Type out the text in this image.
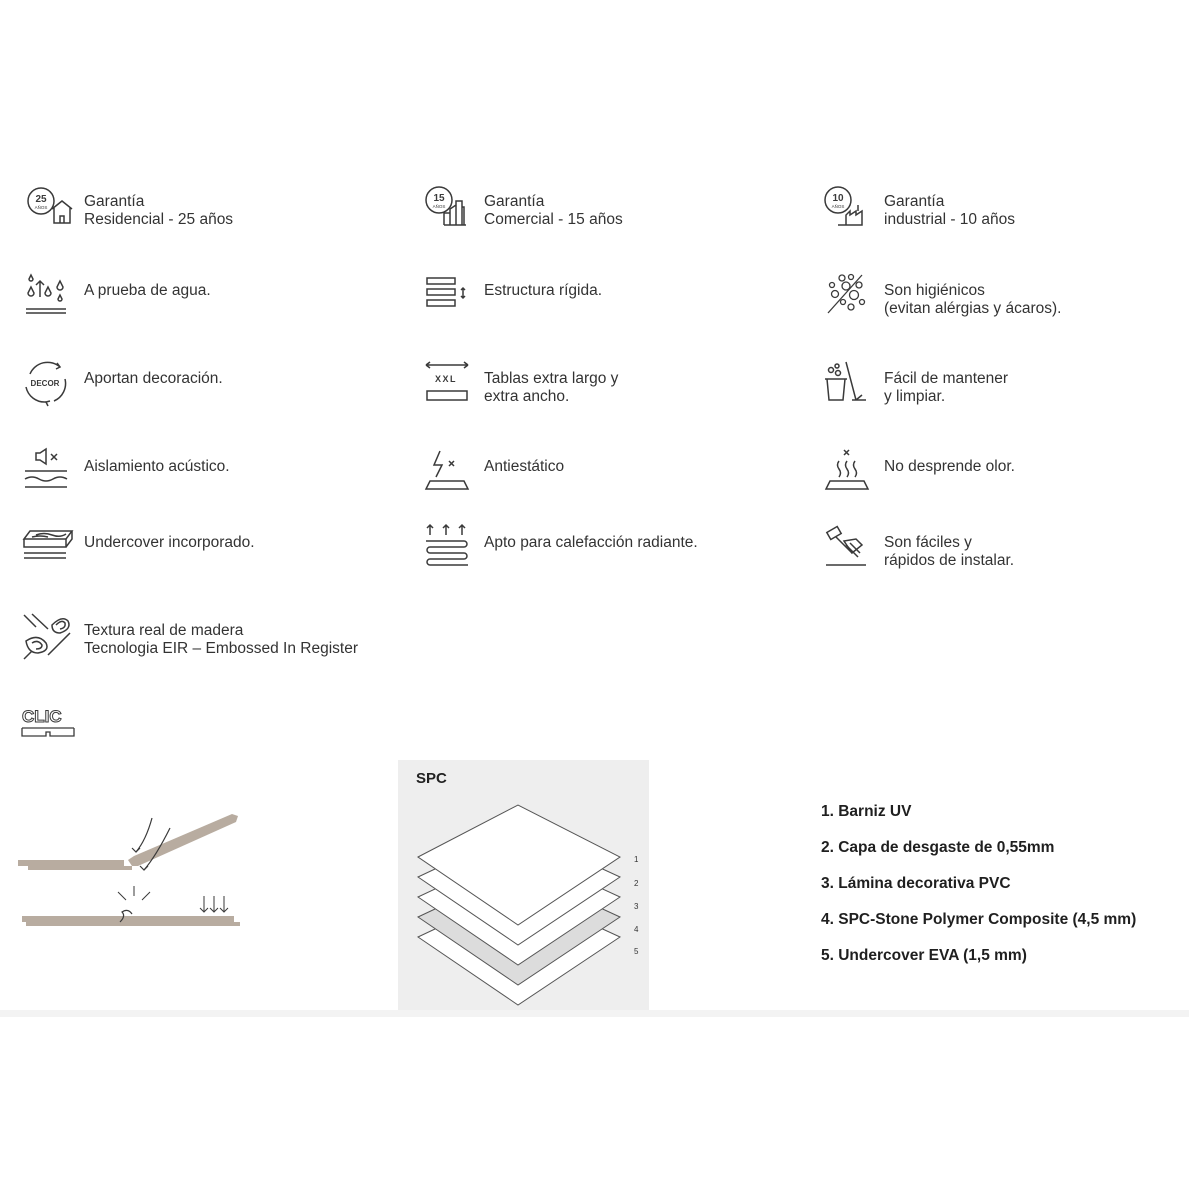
25
AÑOS Garantía
Residencial - 25 años
15
AÑOS Garantía
Comercial - 15 años
10
AÑOS	Garantía
industrial - 10 años
A prueba de agua.	Estructura rígida.	Son higiénicos
(evitan alérgias y ácaros).
DECOR Aportan decoración.	XXL Tablas extra largo y
extra ancho.
Fácil de mantener
y limpiar.
Aislamiento acústico.	Antiestático	No desprende olor.
Undercover incorporado.	Apto para calefacción radiante.	Son fáciles y
rápidos de instalar.
Textura real de madera
Tecnologia EIR – Embossed In Register
CLIC
SPC
1
2
3
4
5
1. Barniz UV
2. Capa de desgaste de 0,55mm
3. Lámina decorativa PVC
4. SPC-Stone Polymer Composite (4,5 mm)
5. Undercover EVA (1,5 mm)
